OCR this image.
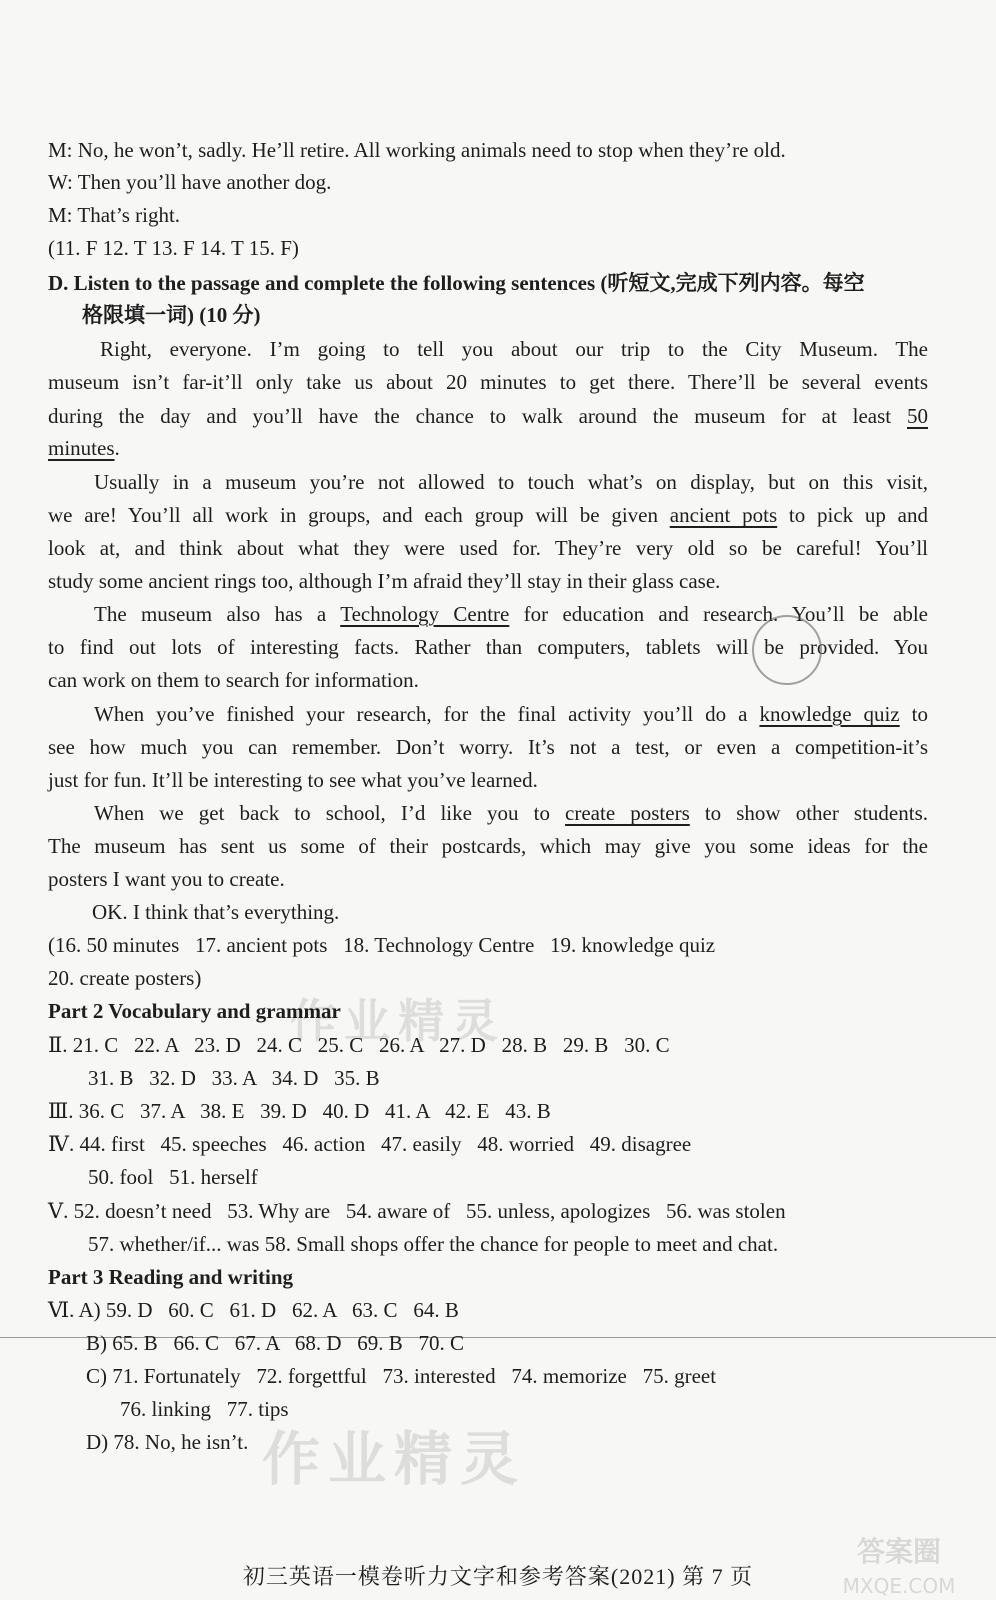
M: No, he won’t, sadly. He’ll retire. All working animals need to stop when they’re old.
W: Then you’ll have another dog.
M: That’s right.
(11. F 12. T 13. F 14. T 15. F)
D. Listen to the passage and complete the following sentences (听短文,完成下列内容。每空
格限填一词) (10 分)
Right, everyone. I’m going to tell you about our trip to the City Museum. The
museum isn’t far-it’ll only take us about 20 minutes to get there. There’ll be several events
during the day and you’ll have the chance to walk around the museum for at least 50
minutes.
Usually in a museum you’re not allowed to touch what’s on display, but on this visit,
we are! You’ll all work in groups, and each group will be given ancient pots to pick up and
look at, and think about what they were used for. They’re very old so be careful! You’ll
study some ancient rings too, although I’m afraid they’ll stay in their glass case.
The museum also has a Technology Centre for education and research. You’ll be able
to find out lots of interesting facts. Rather than computers, tablets will be provided. You
can work on them to search for information.
When you’ve finished your research, for the final activity you’ll do a knowledge quiz to
see how much you can remember. Don’t worry. It’s not a test, or even a competition-it’s
just for fun. It’ll be interesting to see what you’ve learned.
When we get back to school, I’d like you to create posters to show other students.
The museum has sent us some of their postcards, which may give you some ideas for the
posters I want you to create.
OK. I think that’s everything.
(16. 50 minutes   17. ancient pots   18. Technology Centre   19. knowledge quiz
20. create posters)
Part 2 Vocabulary and grammar
Ⅱ. 21. C   22. A   23. D   24. C   25. C   26. A   27. D   28. B   29. B   30. C
31. B   32. D   33. A   34. D   35. B
Ⅲ. 36. C   37. A   38. E   39. D   40. D   41. A   42. E   43. B
Ⅳ. 44. first   45. speeches   46. action   47. easily   48. worried   49. disagree
50. fool   51. herself
Ⅴ. 52. doesn’t need   53. Why are   54. aware of   55. unless, apologizes   56. was stolen
57. whether/if... was 58. Small shops offer the chance for people to meet and chat.
Part 3 Reading and writing
Ⅵ. A) 59. D   60. C   61. D   62. A   63. C   64. B
B) 65. B   66. C   67. A   68. D   69. B   70. C
C) 71. Fortunately   72. forgettful   73. interested   74. memorize   75. greet
76. linking   77. tips
D) 78. No, he isn’t.
初三英语一模卷听力文字和参考答案(2021) 第 7 页
作业精灵
作业精灵
答案圈
MXQE.COM
